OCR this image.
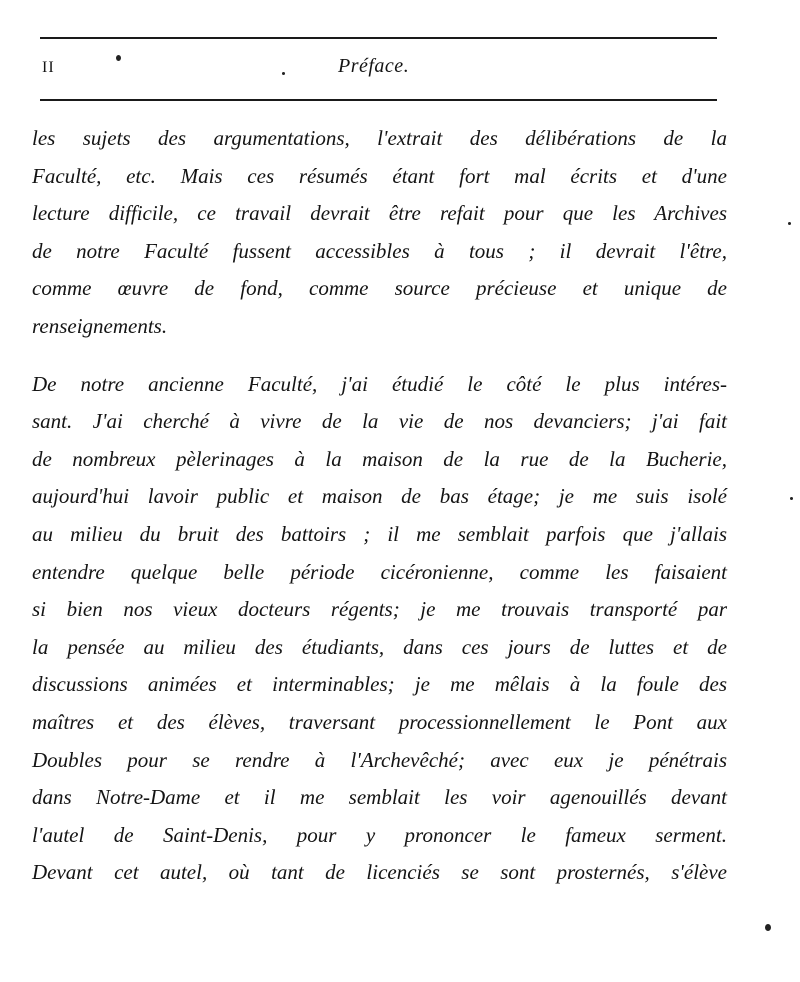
II	Préface.
les sujets des argumentations, l'extrait des délibérations de la
Faculté, etc. Mais ces résumés étant fort mal écrits et d'une
lecture difficile, ce travail devrait être refait pour que les Archives
de notre Faculté fussent accessibles à tous ; il devrait l'être,
comme œuvre de fond, comme source précieuse et unique de
renseignements.
De notre ancienne Faculté, j'ai étudié le côté le plus intéres-
sant. J'ai cherché à vivre de la vie de nos devanciers; j'ai fait
de nombreux pèlerinages à la maison de la rue de la Bucherie,
aujourd'hui lavoir public et maison de bas étage; je me suis isolé
au milieu du bruit des battoirs ; il me semblait parfois que j'allais
entendre quelque belle période cicéronienne, comme les faisaient
si bien nos vieux docteurs régents; je me trouvais transporté par
la pensée au milieu des étudiants, dans ces jours de luttes et de
discussions animées et interminables; je me mêlais à la foule des
maîtres et des élèves, traversant processionnellement le Pont aux
Doubles pour se rendre à l'Archevêché; avec eux je pénétrais
dans Notre-Dame et il me semblait les voir agenouillés devant
l'autel de Saint-Denis, pour y prononcer le fameux serment.
Devant cet autel, où tant de licenciés se sont prosternés, s'élève
